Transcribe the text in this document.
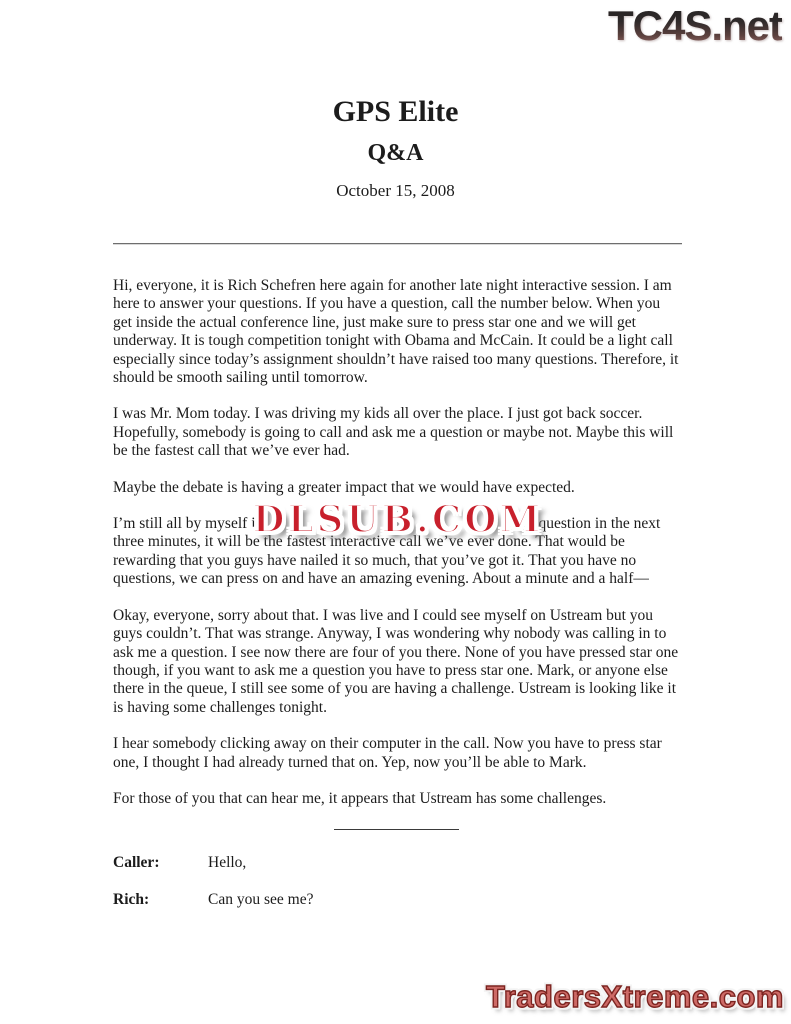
TC4S.net
GPS Elite
Q&A
October 15, 2008

Hi, everyone, it is Rich Schefren here again for another late night interactive session. I am here to answer your questions. If you have a question, call the number below. When you get inside the actual conference line, just make sure to press star one and we will get underway. It is tough competition tonight with Obama and McCain. It could be a light call especially since today’s assignment shouldn’t have raised too many questions. Therefore, it should be smooth sailing until tomorrow.

I was Mr. Mom today. I was driving my kids all over the place. I just got back soccer. Hopefully, somebody is going to call and ask me a question or maybe not. Maybe this will be the fastest call that we’ve ever had.

Maybe the debate is having a greater impact that we would have expected.

I’m still all by myself i
DLSUB.COM
question in the next three minutes, it will be the fastest interactive call we’ve ever done. That would be rewarding that you guys have nailed it so much, that you’ve got it. That you have no questions, we can press on and have an amazing evening. About a minute and a half—

Okay, everyone, sorry about that. I was live and I could see myself on Ustream but you guys couldn’t. That was strange. Anyway, I was wondering why nobody was calling in to ask me a question. I see now there are four of you there. None of you have pressed star one though, if you want to ask me a question you have to press star one. Mark, or anyone else there in the queue, I still see some of you are having a challenge. Ustream is looking like it is having some challenges tonight.

I hear somebody clicking away on their computer in the call. Now you have to press star one, I thought I had already turned that on. Yep, now you’ll be able to Mark.

For those of you that can hear me, it appears that Ustream has some challenges.

Caller:	Hello,
Rich:	Can you see me?
TradersXtreme.com
